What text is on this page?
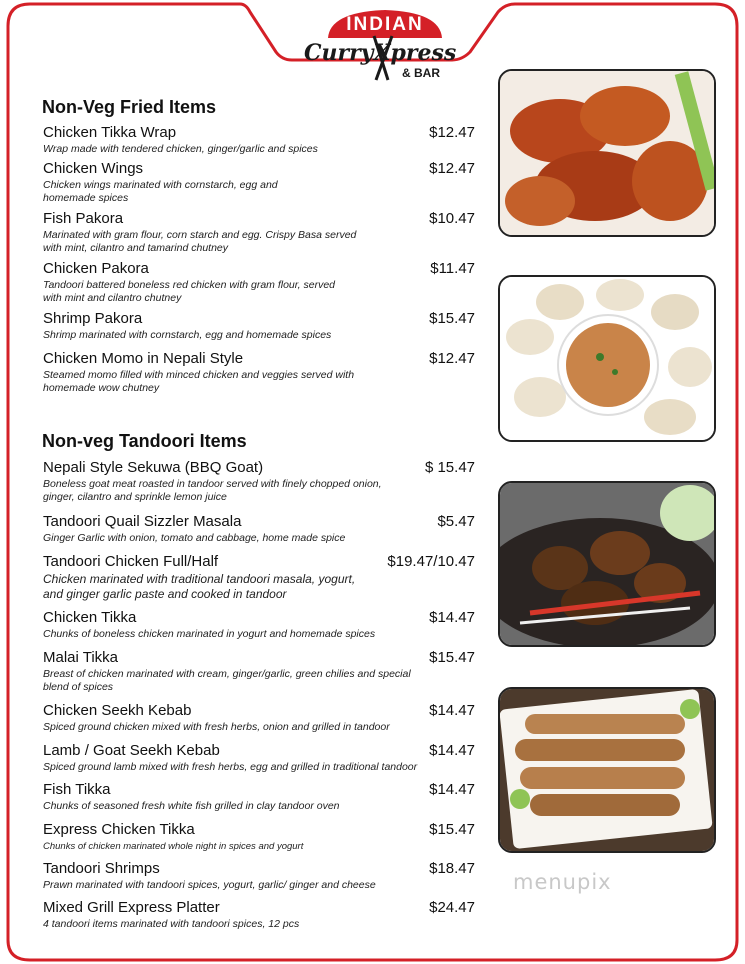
INDIAN
CurryXpress
& BAR
Non-Veg Fried Items
Chicken Tikka Wrap	$12.47
Wrap made with tendered chicken, ginger/garlic and spices
Chicken Wings	$12.47
Chicken wings marinated with cornstarch, egg and homemade spices
Fish Pakora	$10.47
Marinated with gram flour, corn starch and egg. Crispy Basa served with mint, cilantro and tamarind chutney
Chicken Pakora	$11.47
Tandoori battered boneless red chicken with gram flour, served with mint and cilantro chutney
Shrimp Pakora	$15.47
Shrimp marinated with cornstarch, egg and homemade spices
Chicken Momo in Nepali Style	$12.47
Steamed momo filled with minced chicken and veggies served with homemade wow chutney
Non-veg Tandoori Items
Nepali Style Sekuwa (BBQ Goat)	$ 15.47
Boneless goat meat roasted in tandoor served with finely chopped onion, ginger, cilantro and sprinkle lemon juice
Tandoori Quail Sizzler Masala	$5.47
Ginger Garlic with onion, tomato and cabbage, home made spice
Tandoori Chicken Full/Half	$19.47/10.47
Chicken marinated with traditional tandoori masala, yogurt, and ginger garlic paste and cooked in tandoor
Chicken Tikka	$14.47
Chunks of boneless chicken marinated in yogurt and homemade spices
Malai Tikka	$15.47
Breast of chicken marinated with cream, ginger/garlic, green chilies and special blend of spices
Chicken Seekh Kebab	$14.47
Spiced ground chicken mixed with fresh herbs, onion and grilled in tandoor
Lamb / Goat Seekh Kebab	$14.47
Spiced ground lamb mixed with fresh herbs, egg and grilled in traditional tandoor
Fish Tikka	$14.47
Chunks of seasoned fresh white fish grilled in clay tandoor oven
Express Chicken Tikka	$15.47
Chunks of chicken marinated whole night in spices and yogurt
Tandoori Shrimps	$18.47
Prawn marinated with tandoori spices, yogurt, garlic/ ginger and cheese
Mixed Grill Express Platter	$24.47
4 tandoori items marinated with tandoori spices, 12 pcs
menupix
